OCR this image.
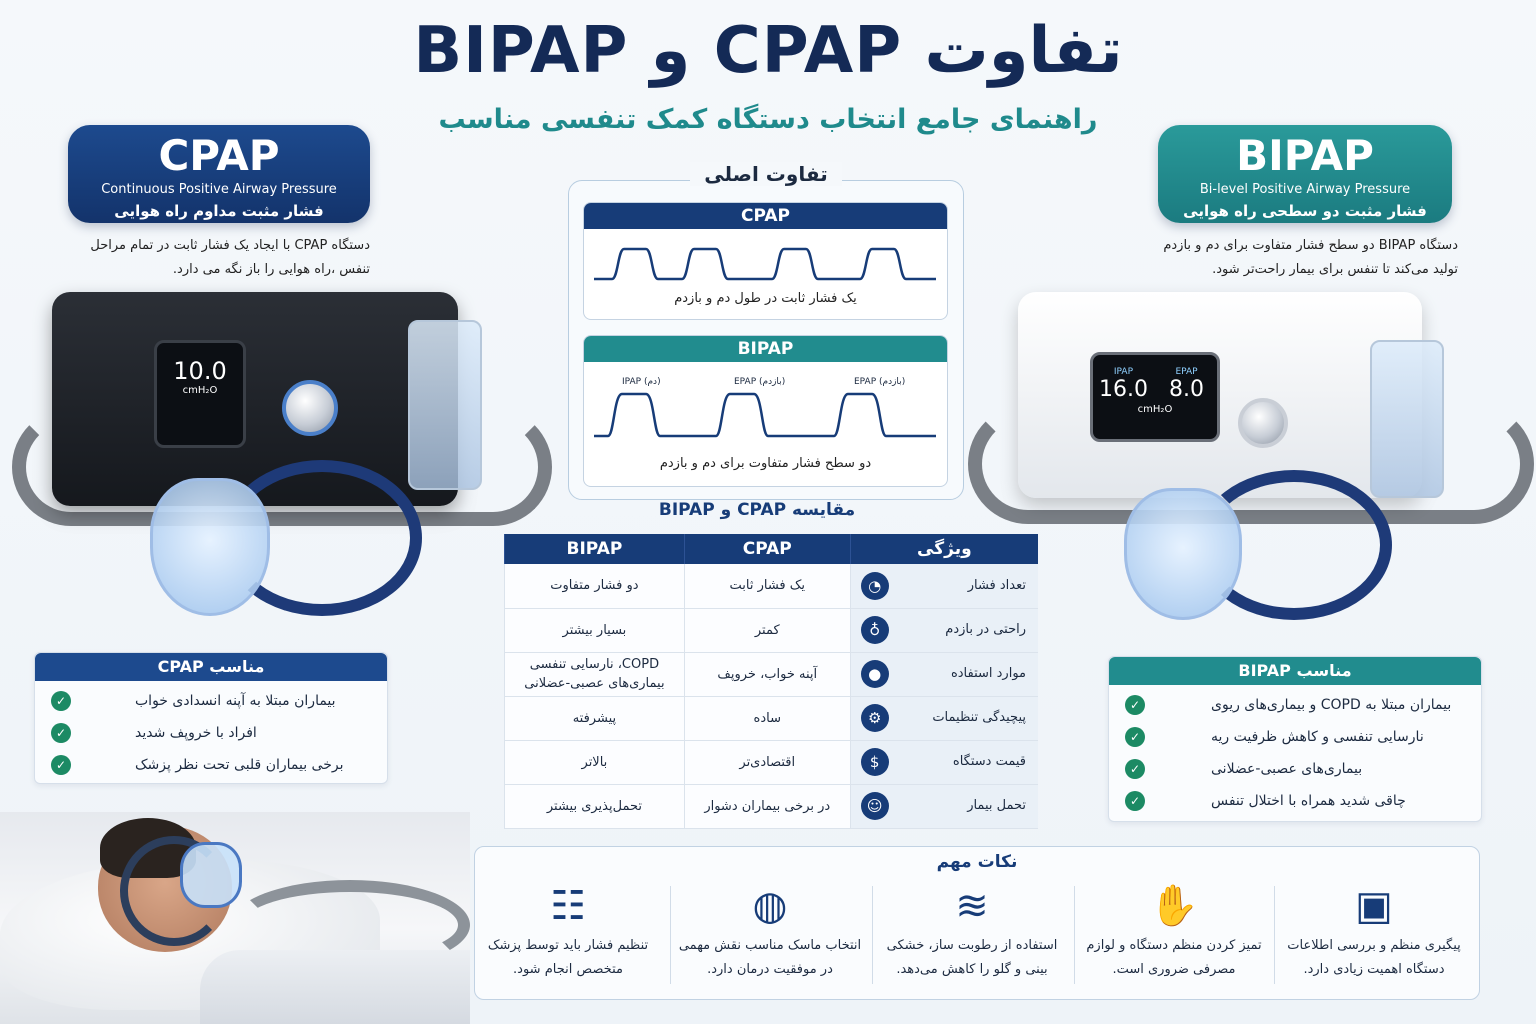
تفاوت CPAP و BIPAP
راهنمای جامع انتخاب دستگاه کمک تنفسی مناسب
CPAP
Continuous Positive Airway Pressure
فشار مثبت مداوم راه هوایی
دستگاه CPAP با ایجاد یک فشار ثابت در تمام مراحل تنفس ،راه هوایی را باز نگه می دارد.
BIPAP
Bi-level Positive Airway Pressure
فشار مثبت دو سطحی راه هوایی
دستگاه BIPAP دو سطح فشار متفاوت برای دم و بازدم تولید می‌کند تا تنفس برای بیمار راحت‌تر شود.
10.0
cmH₂O
IPAP
16.0

EPAP
8.0
cmH₂O
تفاوت اصلی
CPAP
یک فشار ثابت در طول دم و بازدم
BIPAP
IPAP (دم)	EPAP (بازدم)	EPAP (بازدم)
دو سطح فشار متفاوت برای دم و بازدم
مقایسه CPAP و BIPAP
ویژگی	CPAP	BIPAP
تعداد فشار
◔	یک فشار ثابت	دو فشار متفاوت
راحتی در بازدم
♁	کمتر	بسیار بیشتر
موارد استفاده
●	آپنه خواب، خروپف	COPD، نارسایی تنفسی بیماری‌های عصبی-عضلانی
پیچیدگی تنظیمات
⚙	ساده	پیشرفته
قیمت دستگاه
$	اقتصادی‌تر	بالاتر
تحمل بیمار
☺	در برخی بیماران دشوار	تحمل‌پذیری بیشتر
مناسب CPAP
بیماران مبتلا به آپنه انسدادی خواب
✓
افراد با خروپف شدید
✓
برخی بیماران قلبی تحت نظر پزشک
✓
مناسب BIPAP
بیماران مبتلا به COPD و بیماری‌های ریوی
✓
نارسایی تنفسی و کاهش ظرفیت ریه
✓
بیماری‌های عصبی-عضلانی
✓
چاقی شدید همراه با اختلال تنفس
✓
نکات مهم
▣
پیگیری منظم و بررسی اطلاعات دستگاه اهمیت زیادی دارد.
✋
تمیز کردن منظم دستگاه و لوازم مصرفی ضروری است.
≋
استفاده از رطوبت ساز، خشکی بینی و گلو را کاهش می‌دهد.
◍
انتخاب ماسک مناسب نقش مهمی در موفقیت درمان دارد.
☷
تنظیم فشار باید توسط پزشک متخصص انجام شود.
